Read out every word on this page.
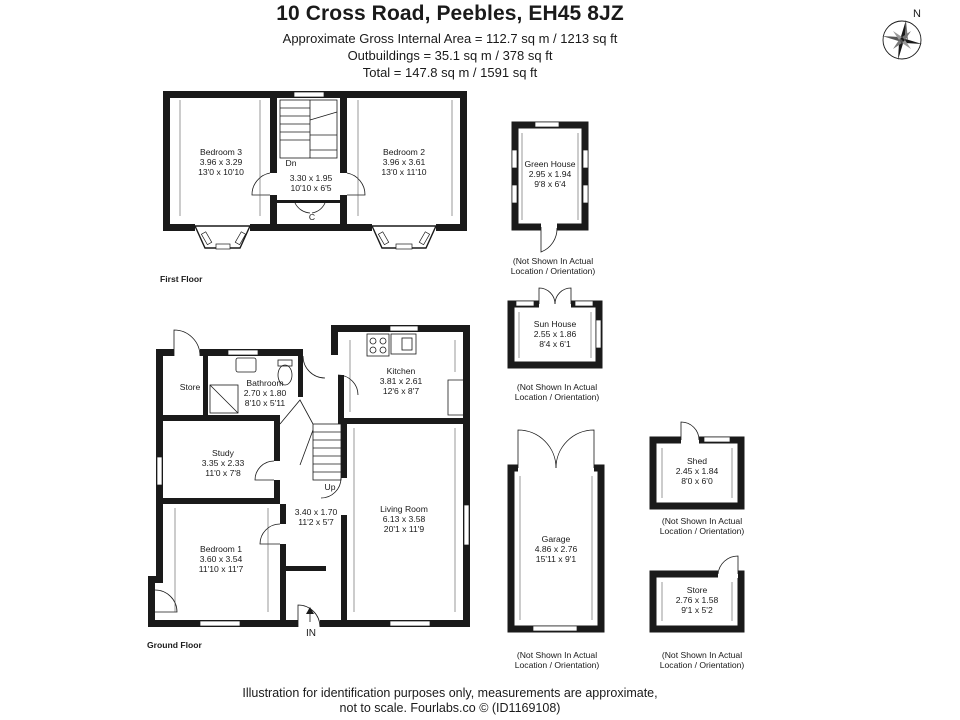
10 Cross Road, Peebles, EH45 8JZ
Approximate Gross Internal Area = 112.7 sq m / 1213 sq ft
Outbuildings = 35.1 sq m / 378 sq ft
Total = 147.8 sq m / 1591 sq ft
N
Bedroom 3
3.96 x 3.29
13'0 x 10'10
Bedroom 2
3.96 x 3.61
13'0 x 11'10
Dn
3.30 x 1.95
10'10 x 6'5
C
First Floor
Store	Bathroom
2.70 x 1.80
8'10 x 5'11
Kitchen
3.81 x 2.61
12'6 x 8'7
Study
3.35 x 2.33
11'0 x 7'8
Up
3.40 x 1.70
11'2 x 5'7
Living Room
6.13 x 3.58
20'1 x 11'9
Bedroom 1
3.60 x 3.54
11'10 x 11'7
IN
Ground Floor
Green House
2.95 x 1.94
9'8 x 6'4
(Not Shown In Actual
Location / Orientation)
Sun House
2.55 x 1.86
8'4 x 6'1
(Not Shown In Actual
Location / Orientation)
Garage
4.86 x 2.76
15'11 x 9'1
(Not Shown In Actual
Location / Orientation)
Shed
2.45 x 1.84
8'0 x 6'0
(Not Shown In Actual
Location / Orientation)
Store
2.76 x 1.58
9'1 x 5'2
(Not Shown In Actual
Location / Orientation)
Illustration for identification purposes only, measurements are approximate,
not to scale. Fourlabs.co © (ID1169108)
